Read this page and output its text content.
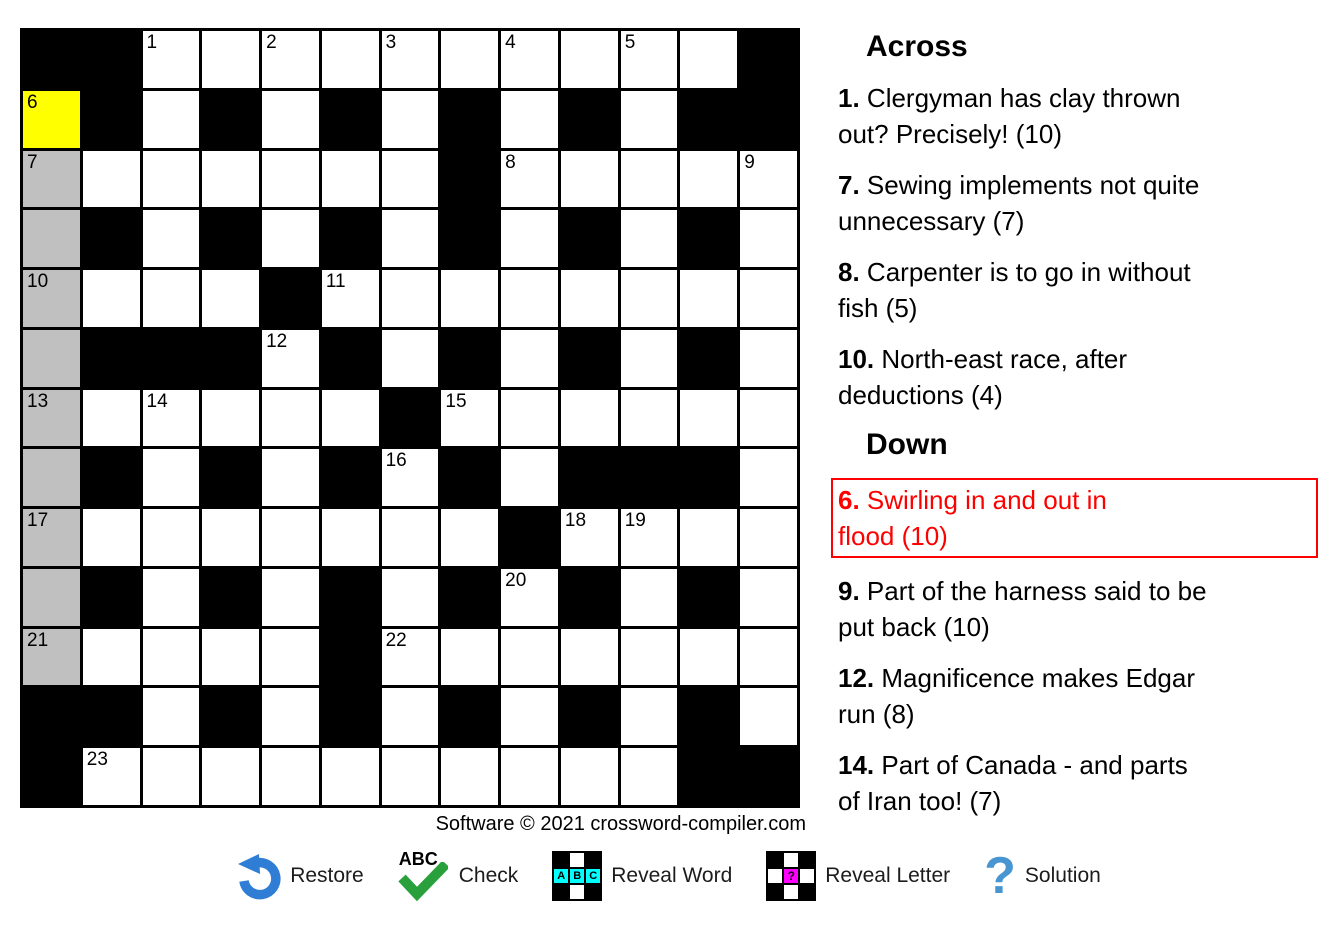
1	2	3	4	5
6
7	8	9
10	11
12
13	14	15
16
17	18 19
20
21	22
23
Software © 2021 crossword-compiler.com
Across

1. Clergyman has clay thrown
out? Precisely! (10)

7. Sewing implements not quite
unnecessary (7)

8. Carpenter is to go in without
fish (5)

10. North-east race, after
deductions (4)

Down

6. Swirling in and out in
flood (10)

9. Part of the harness said to be
put back (10)

12. Magnificence makes Edgar
run (8)

14. Part of Canada - and parts
of Iran too! (7)

Restore
ABC
Check	A B C Reveal Word	? Reveal Letter ? Solution
